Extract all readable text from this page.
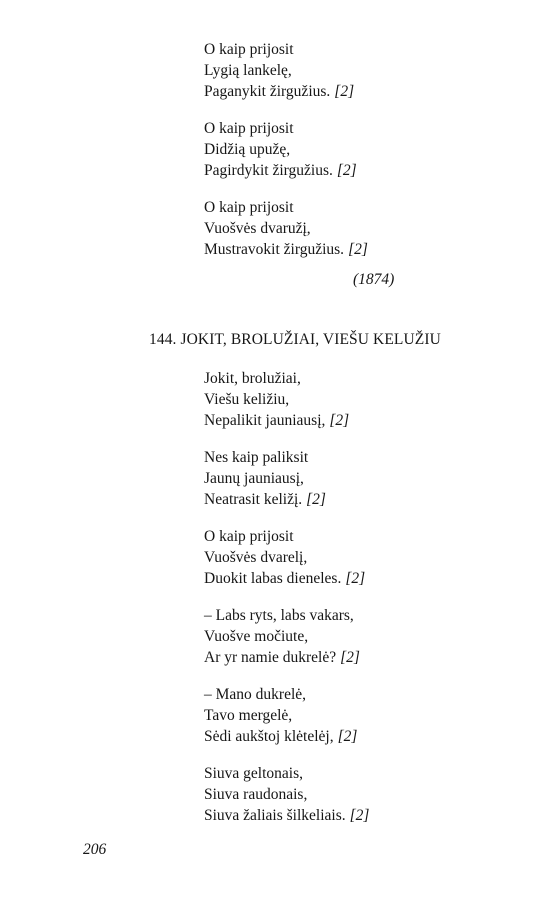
O kaip prijosit
Lygią lankelę,
Paganykit žirgužius. [2]
O kaip prijosit
Didžią upužę,
Pagirdykit žirgužius. [2]
O kaip prijosit
Vuošvės dvaružį,
Mustravokit žirgužius. [2]
(1874)
144. JOKIT, BROLUŽIAI, VIEŠU KELUŽIU
Jokit, brolužiai,
Viešu keližiu,
Nepalikit jauniausį, [2]
Nes kaip paliksit
Jaunų jauniausį,
Neatrasit keližį. [2]
O kaip prijosit
Vuošvės dvarelį,
Duokit labas dieneles. [2]
– Labs ryts, labs vakars,
Vuošve močiute,
Ar yr namie dukrelė? [2]
– Mano dukrelė,
Tavo mergelė,
Sėdi aukštoj klėtelėj, [2]
Siuva geltonais,
Siuva raudonais,
Siuva žaliais šilkeliais. [2]
206
